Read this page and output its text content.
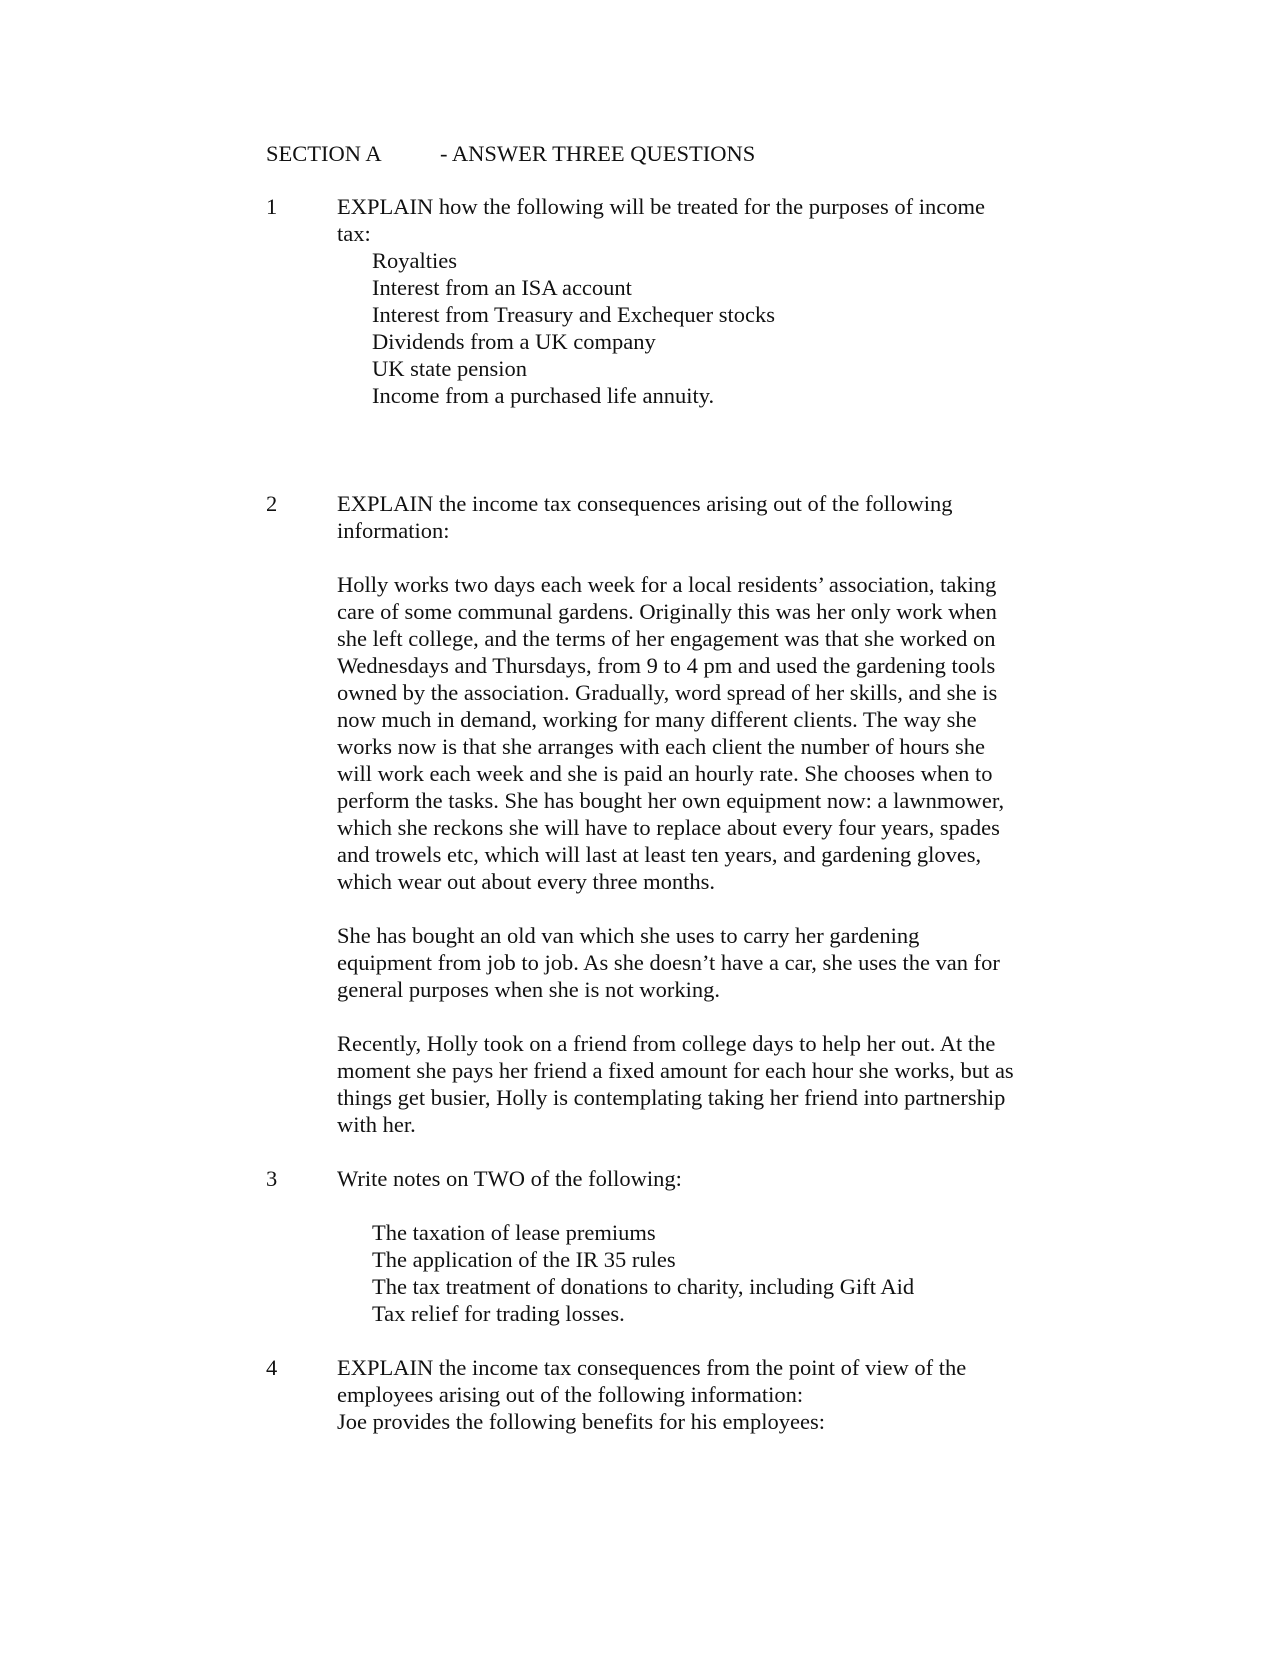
SECTION A	- ANSWER THREE QUESTIONS
1	EXPLAIN how the following will be treated for the purposes of income
tax:
Royalties
Interest from an ISA account
Interest from Treasury and Exchequer stocks
Dividends from a UK company
UK state pension
Income from a purchased life annuity.
2	EXPLAIN the income tax consequences arising out of the following
information:
Holly works two days each week for a local residents’ association, taking
care of some communal gardens. Originally this was her only work when
she left college, and the terms of her engagement was that she worked on
Wednesdays and Thursdays, from 9 to 4 pm and used the gardening tools
owned by the association. Gradually, word spread of her skills, and she is
now much in demand, working for many different clients. The way she
works now is that she arranges with each client the number of hours she
will work each week and she is paid an hourly rate. She chooses when to
perform the tasks. She has bought her own equipment now: a lawnmower,
which she reckons she will have to replace about every four years, spades
and trowels etc, which will last at least ten years, and gardening gloves,
which wear out about every three months.
She has bought an old van which she uses to carry her gardening
equipment from job to job. As she doesn’t have a car, she uses the van for
general purposes when she is not working.
Recently, Holly took on a friend from college days to help her out. At the
moment she pays her friend a fixed amount for each hour she works, but as
things get busier, Holly is contemplating taking her friend into partnership
with her.
3	Write notes on TWO of the following:
The taxation of lease premiums
The application of the IR 35 rules
The tax treatment of donations to charity, including Gift Aid
Tax relief for trading losses.
4	EXPLAIN the income tax consequences from the point of view of the
employees arising out of the following information:
Joe provides the following benefits for his employees:
